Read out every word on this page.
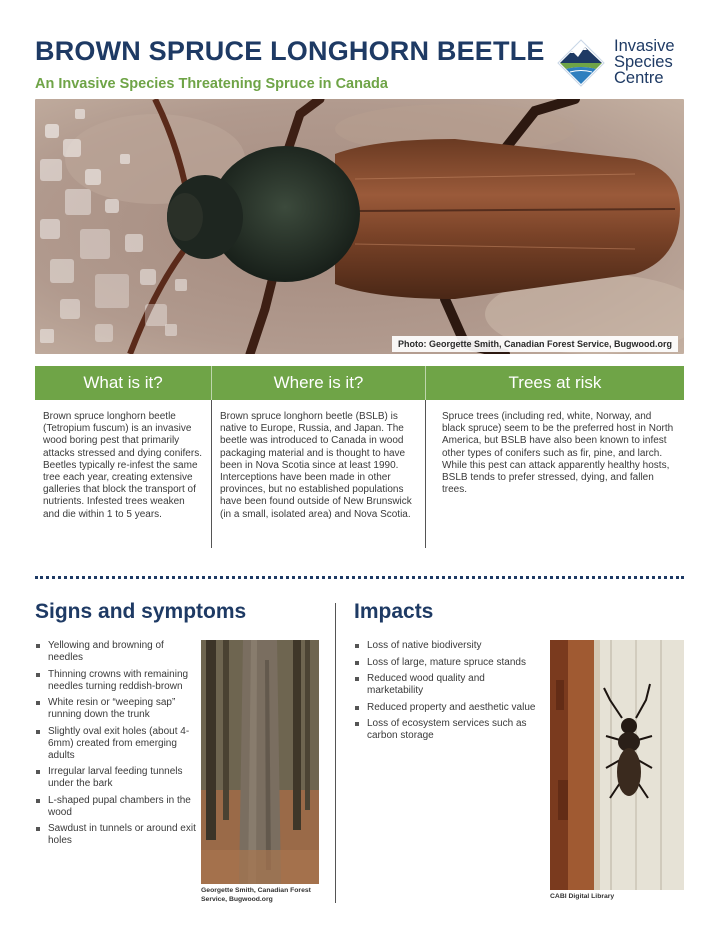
BROWN SPRUCE LONGHORN BEETLE
An Invasive Species Threatening Spruce in Canada
Invasive
Species
Centre
Photo: Georgette Smith, Canadian Forest Service, Bugwood.org
What is it?	Where is it?	Trees at risk
Brown spruce longhorn beetle (Tetropium fuscum) is an invasive wood boring pest that primarily attacks stressed and dying conifers. Beetles typically re-infest the same tree each year, creating extensive galleries that block the transport of nutrients. Infested trees weaken and die within 1 to 5 years.
Brown spruce longhorn beetle (BSLB) is native to Europe, Russia, and Japan. The beetle was introduced to Canada in wood packaging material and is thought to have been in Nova Scotia since at least 1990. Interceptions have been made in other provinces, but no established populations have been found outside of New Brunswick (in a small, isolated area) and Nova Scotia.
Spruce trees (including red, white, Norway, and black spruce) seem to be the preferred host in North America, but BSLB have also been known to infest other types of conifers such as fir, pine, and larch. While this pest can attack apparently healthy hosts, BSLB tends to prefer stressed, dying, and fallen trees.
Signs and symptoms
Yellowing and browning of needles
Thinning crowns with remaining needles turning reddish-brown
White resin or “weeping sap” running down the trunk
Slightly oval exit holes (about 4-6mm) created from emerging adults
Irregular larval feeding tunnels under the bark
L-shaped pupal chambers in the wood
Sawdust in tunnels or around exit holes
Georgette Smith, Canadian Forest Service, Bugwood.org
Impacts
Loss of native biodiversity
Loss of large, mature spruce stands
Reduced wood quality and marketability
Reduced property and aesthetic value
Loss of ecosystem services such as carbon storage
CABI Digital Library
